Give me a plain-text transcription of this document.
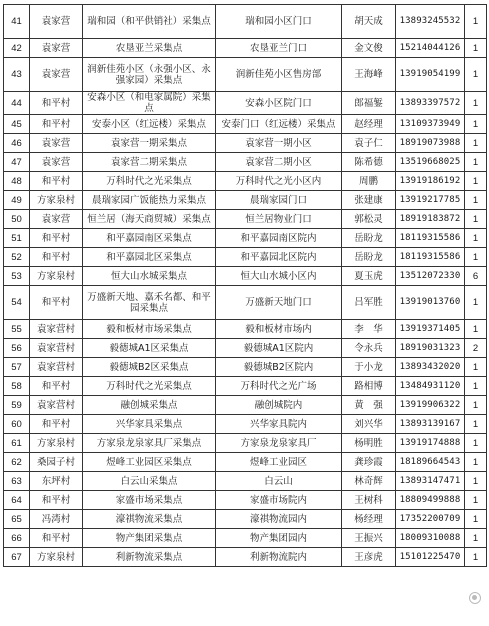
41	袁家营	瑞和园（和平供销社）采集点	瑞和园小区门口	胡天成	13893245532	1
42	袁家营	农垦亚兰采集点	农垦亚兰门口	金文俊	15214044126	1
43	袁家营	润新佳苑小区（永强小区、永强家园）采集点	润新佳苑小区售房部	王海峰	13919054199	1
44	和平村	安森小区（和电家属院）采集点	安森小区院门口	郎福錾	13893397572	1
45	和平村	安泰小区（红远楼）采集点	安泰门口（红远楼）采集点	赵经理	13109373949	1
46	袁家营	袁家营一期采集点	袁家营一期小区	袁子仁	18919073988	1
47	袁家营	袁家营二期采集点	袁家营二期小区	陈希德	13519668025	1
48	和平村	万科时代之光采集点	万科时代之光小区内	周鹏	13919186192	1
49	方家泉村	晨瑞家园广饭能热力采集点	晨瑞家园门口	张建康	13919217785	1
50	袁家营	恒兰居（海天商贸城）采集点	恒兰居物业门口	郭松灵	18919183872	1
51	和平村	和平嘉园南区采集点	和平嘉园南区院内	岳盼龙	18119315586	1
52	和平村	和平嘉园北区采集点	和平嘉园北区院内	岳盼龙	18119315586	1
53	方家泉村	恒大山水城采集点	恒大山水城小区内	夏玉虎	13512072330	6
54	和平村	万盛新天地、嘉禾名都、和平园采集点	万盛新天地门口	吕军胜	13919013760	1
55	袁家营村	毅和板材市场采集点	毅和板材市场内	李　华	13919371405	1
56	袁家营村	毅德城A1区采集点	毅德城A1区院内	令永兵	18919031323	2
57	袁家营村	毅德城B2区采集点	毅德城B2区院内	于小龙	13893432020	1
58	和平村	万科时代之光采集点	万科时代之光广场	路相博	13484931120	1
59	袁家营村	融创城采集点	融创城院内	黄　强	13919906322	1
60	和平村	兴华家具采集点	兴华家具院内	刘兴华	13893139167	1
61	方家泉村	方家泉龙泉家具厂采集点	方家泉龙泉家具厂	杨明胜	13919174888	1
62	桑园子村	煜峰工业园区采集点	煜峰工业园区	龚珍霞	18189664543	1
63	东坪村	白云山采集点	白云山	林奇辉	13893147471	1
64	和平村	家盛市场采集点	家盛市场院内	王树科	18809499888	1
65	冯湾村	濠祺物流采集点	濠祺物流园内	杨经理	17352200709	1
66	和平村	物产集团采集点	物产集团园内	王振兴	18009310088	1
67	方家泉村	利新物流采集点	利新物流院内	王彦虎	15101225470	1
